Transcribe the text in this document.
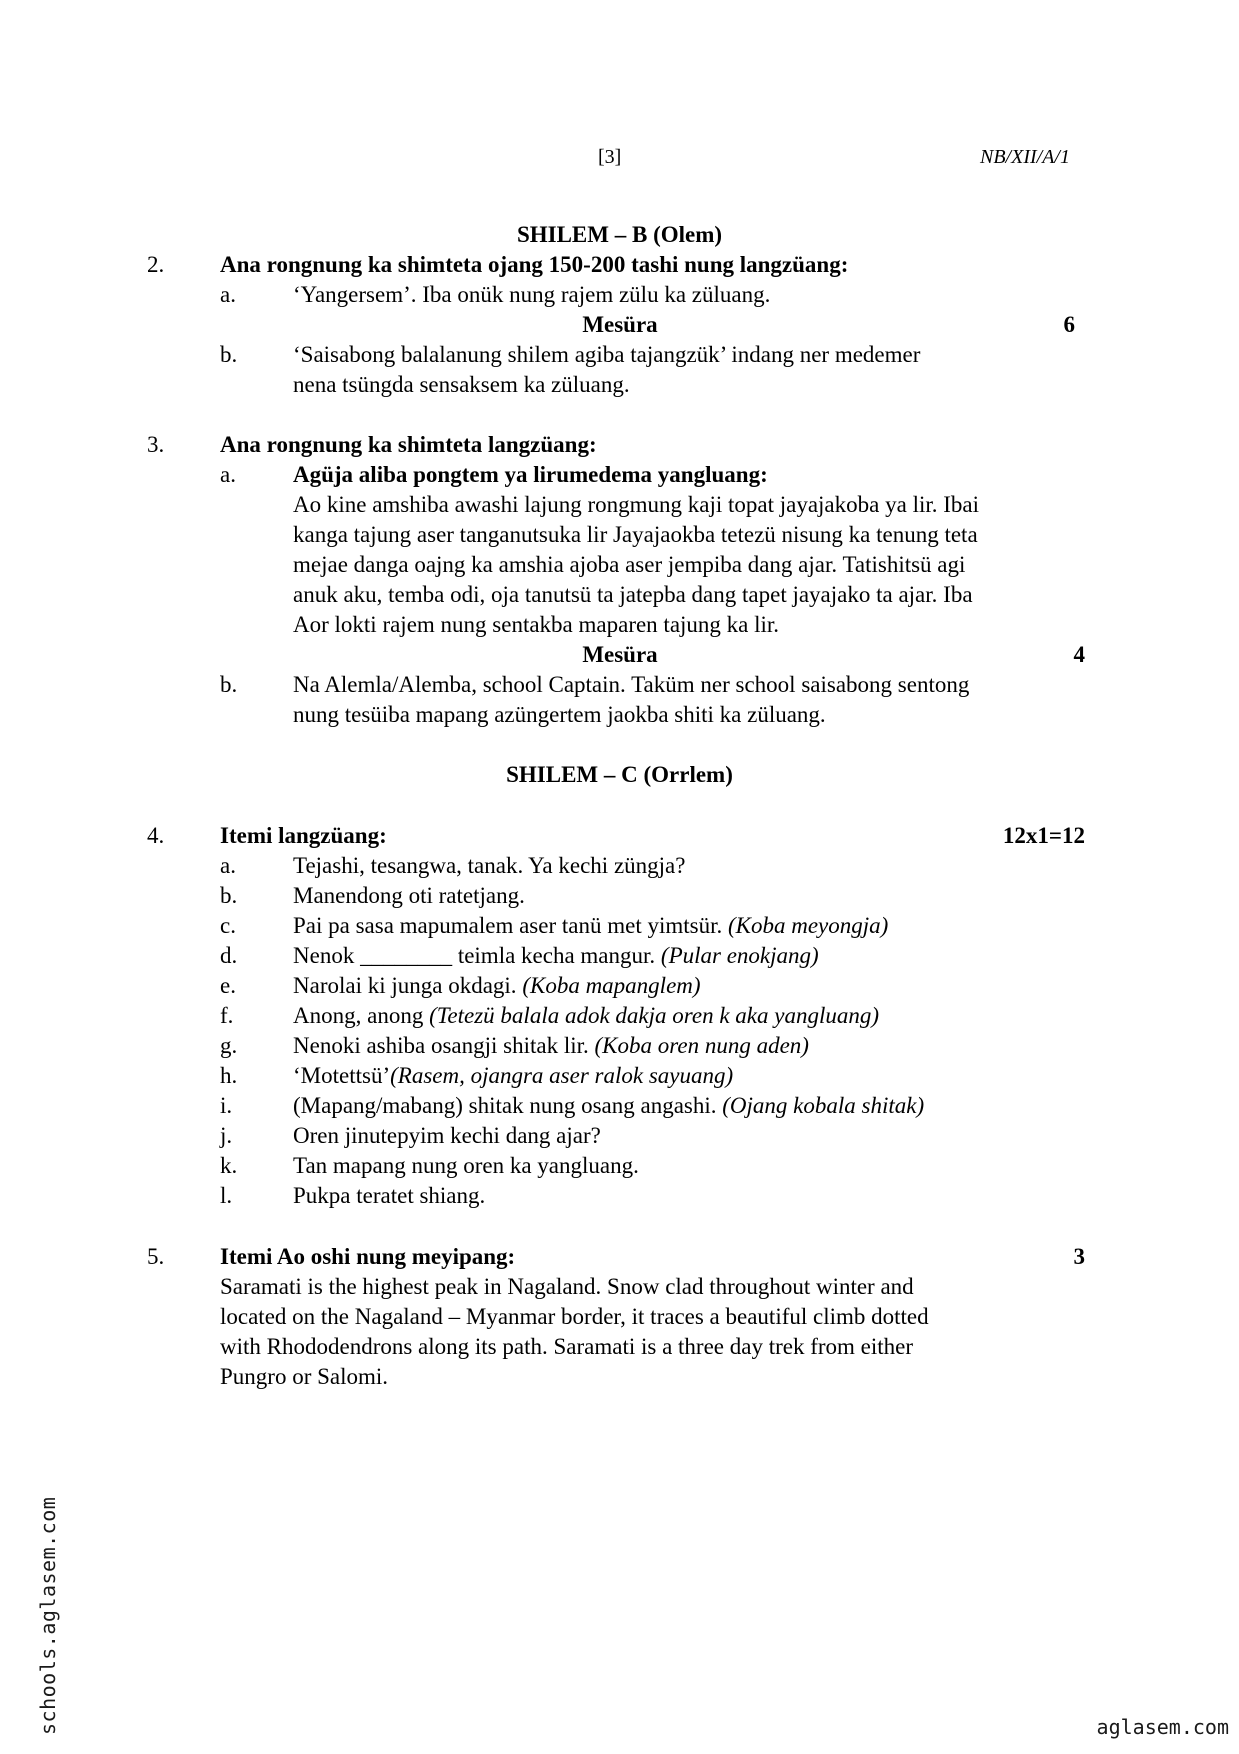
[3]	NB/XII/A/1
SHILEM – B (Olem)
2. Ana rongnung ka shimteta ojang 150-200 tashi nung langzüang:
a. ‘Yangersem’. Iba onük nung rajem zülu ka züluang.
Mesüra	6
b. ‘Saisabong balalanung shilem agiba tajangzük’ indang ner medemer
nena tsüngda sensaksem ka züluang.
3. Ana rongnung ka shimteta langzüang:
a. Agüja aliba pongtem ya lirumedema yangluang:
Ao kine amshiba awashi lajung rongmung kaji topat jayajakoba ya lir. Ibai
kanga tajung aser tanganutsuka lir Jayajaokba tetezü nisung ka tenung teta
mejae danga oajng ka amshia ajoba aser jempiba dang ajar. Tatishitsü agi
anuk aku, temba odi, oja tanutsü ta jatepba dang tapet jayajako ta ajar. Iba
Aor lokti rajem nung sentakba maparen tajung ka lir.
Mesüra	4
b. Na Alemla/Alemba, school Captain. Taküm ner school saisabong sentong
nung tesüiba mapang azüngertem jaokba shiti ka züluang.
SHILEM – C (Orrlem)
4. Itemi langzüang:	12x1=12
a. Tejashi, tesangwa, tanak. Ya kechi züngja?
b. Manendong oti ratetjang.
c. Pai pa sasa mapumalem aser tanü met yimtsür. (Koba meyongja)
d. Nenok ________ teimla kecha mangur. (Pular enokjang)
e. Narolai ki junga okdagi. (Koba mapanglem)
f.	Anong, anong (Tetezü balala adok dakja oren k aka yangluang)
g. Nenoki ashiba osangji shitak lir. (Koba oren nung aden)
h. ‘Motettsü’(Rasem, ojangra aser ralok sayuang)
i.	(Mapang/mabang) shitak nung osang angashi. (Ojang kobala shitak)
j.	Oren jinutepyim kechi dang ajar?
k. Tan mapang nung oren ka yangluang.
l.	Pukpa teratet shiang.
5. Itemi Ao oshi nung meyipang:	3
Saramati is the highest peak in Nagaland. Snow clad throughout winter and
located on the Nagaland – Myanmar border, it traces a beautiful climb dotted
with Rhododendrons along its path. Saramati is a three day trek from either
Pungro or Salomi.
schools.aglasem.com	aglasem.com
